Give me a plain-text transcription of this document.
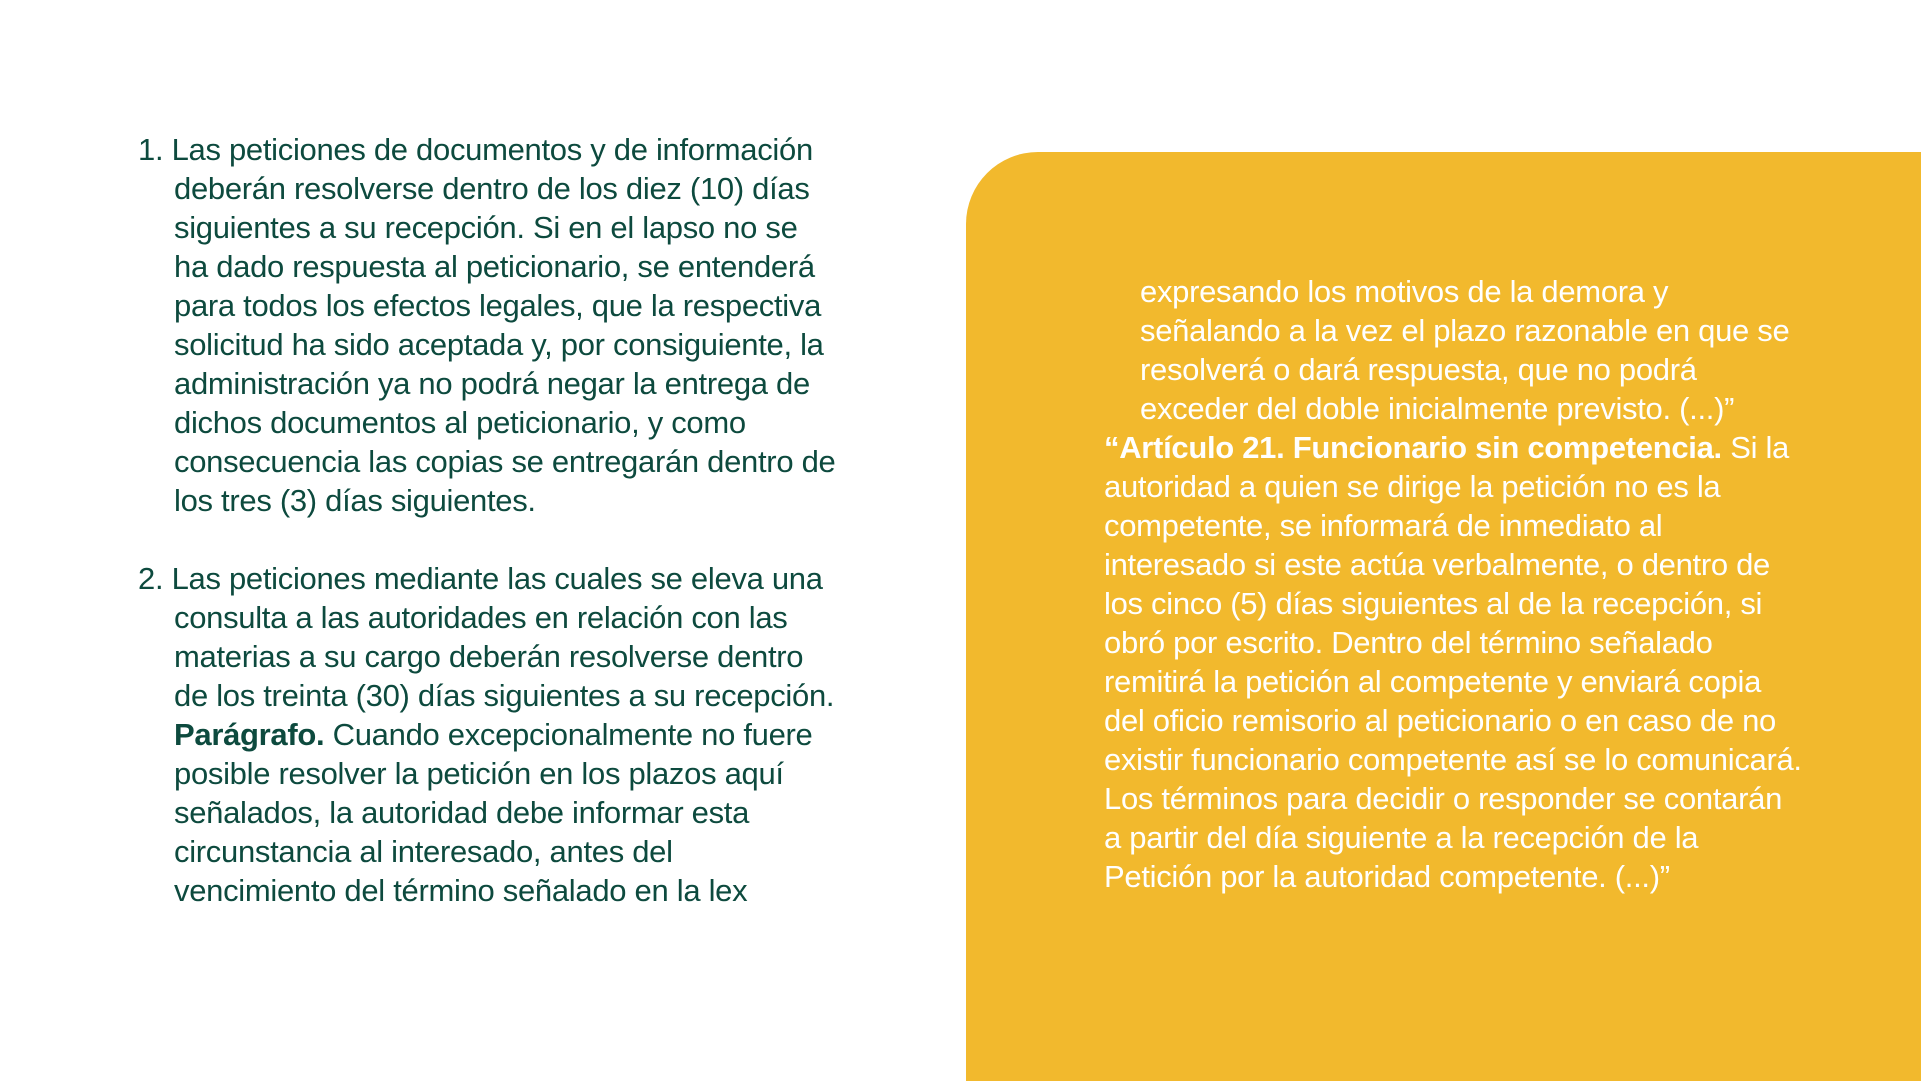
1. Las peticiones de documentos y de información deberán resolverse dentro de los diez (10) días siguientes a su recepción. Si en el lapso no se ha dado respuesta al peticionario, se entenderá para todos los efectos legales, que la respectiva solicitud ha sido aceptada y, por consiguiente, la administración ya no podrá negar la entrega de dichos documentos al peticionario, y como consecuencia las copias se entregarán dentro de los tres (3) días siguientes.

2. Las peticiones mediante las cuales se eleva una consulta a las autoridades en relación con las materias a su cargo deberán resolverse dentro de los treinta (30) días siguientes a su recepción.

Parágrafo. Cuando excepcionalmente no fuere posible resolver la petición en los plazos aquí señalados, la autoridad debe informar esta circunstancia al interesado, antes del vencimiento del término señalado en la lex

expresando los motivos de la demora y señalando a la vez el plazo razonable en que se resolverá o dará respuesta, que no podrá exceder del doble inicialmente previsto. (...)”

“Artículo 21. Funcionario sin competencia. Si la autoridad a quien se dirige la petición no es la competente, se informará de inmediato al interesado si este actúa verbalmente, o dentro de los cinco (5) días siguientes al de la recepción, si obró por escrito. Dentro del término señalado remitirá la petición al competente y enviará copia del oficio remisorio al peticionario o en caso de no existir funcionario competente así se lo comunicará. Los términos para decidir o responder se contarán a partir del día siguiente a la recepción de la Petición por la autoridad competente. (...)”
